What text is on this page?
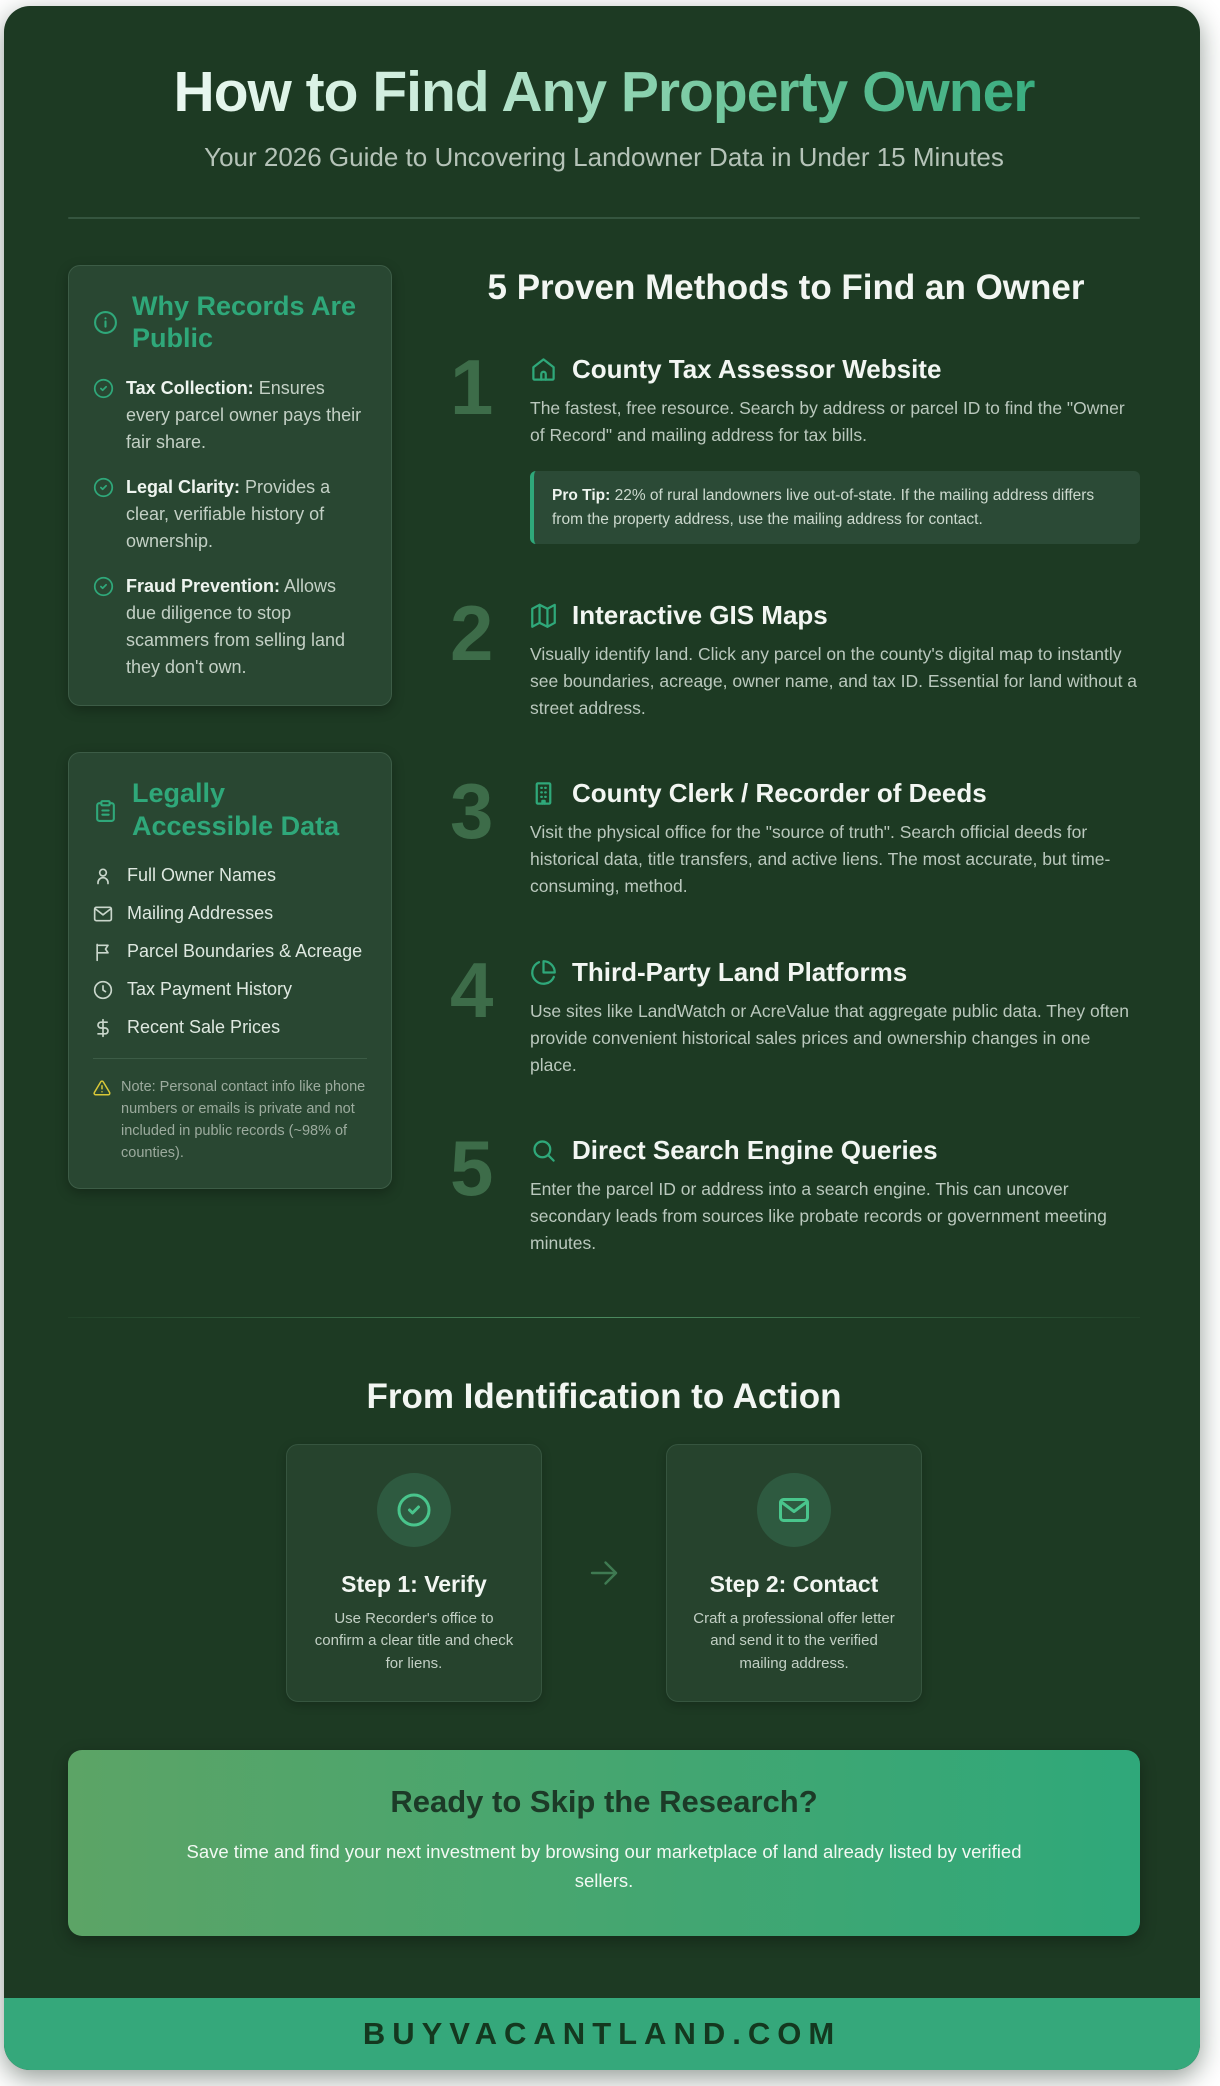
How to Find Any Property Owner
Your 2026 Guide to Uncovering Landowner Data in Under 15 Minutes
Why Records Are Public
Tax Collection: Ensures every parcel owner pays their fair share.
Legal Clarity: Provides a clear, verifiable history of ownership.
Fraud Prevention: Allows due diligence to stop scammers from selling land they don't own.
Legally Accessible Data
Full Owner Names
Mailing Addresses
Parcel Boundaries & Acreage
Tax Payment History
Recent Sale Prices
Note: Personal contact info like phone numbers or emails is private and not included in public records (~98% of counties).
5 Proven Methods to Find an Owner
1	County Tax Assessor Website

The fastest, free resource. Search by address or parcel ID to find the "Owner of Record" and mailing address for tax bills.

Pro Tip: 22% of rural landowners live out-of-state. If the mailing address differs from the property address, use the mailing address for contact.
2	Interactive GIS Maps

Visually identify land. Click any parcel on the county's digital map to instantly see boundaries, acreage, owner name, and tax ID. Essential for land without a street address.

3	County Clerk / Recorder of Deeds

Visit the physical office for the "source of truth". Search official deeds for historical data, title transfers, and active liens. The most accurate, but time-consuming, method.

4	Third-Party Land Platforms

Use sites like LandWatch or AcreValue that aggregate public data. They often provide convenient historical sales prices and ownership changes in one place.

5	Direct Search Engine Queries

Enter the parcel ID or address into a search engine. This can uncover secondary leads from sources like probate records or government meeting minutes.

From Identification to Action
Step 1: Verify
Use Recorder's office to confirm a clear title and check for liens.
Step 2: Contact
Craft a professional offer letter and send it to the verified mailing address.
Ready to Skip the Research?
Save time and find your next investment by browsing our marketplace of land already listed by verified sellers.
BUYVACANTLAND.COM
